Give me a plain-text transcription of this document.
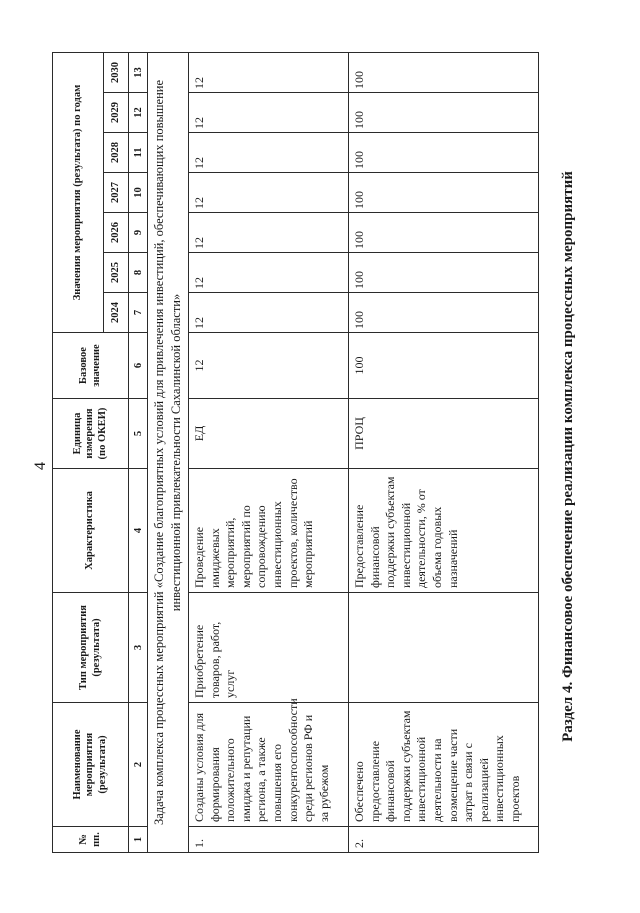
4
№ пп.	Наименование мероприятия (результата)	Тип мероприятия (результата)	Характеристика	Единица измерения (по ОКЕИ)	Базовое значение	Значения мероприятия (результата) по годам						
						2024	2025	2026	2027	2028	2029	2030
1	2	3	4	5	6	7	8	9	10	11	12	13
Задача комплекса процессных мероприятий «Создание благоприятных условий для привлечения инвестиций, обеспечивающих повышение инвестиционной привлекательности Сахалинской области»												
1.	Созданы условия для формирования положительного имиджа и репутации региона, а также повышения его конкурентоспособности среди регионов РФ и за рубежом	Приобретение товаров, работ, услуг	Проведение имиджевых мероприятий, мероприятий по сопровождению инвестиционных проектов, количество мероприятий	ЕД	12	12	12	12	12	12	12	12
2.	Обеспечено предоставление финансовой поддержки субъектам инвестиционной деятельности на возмещение части затрат в связи с реализацией инвестиционных проектов		Предоставление финансовой поддержки субъектам инвестиционной деятельности, % от объема годовых назначений	ПРОЦ	100	100	100	100	100	100	100	100
Раздел 4. Финансовое обеспечение реализации комплекса процессных мероприятий
